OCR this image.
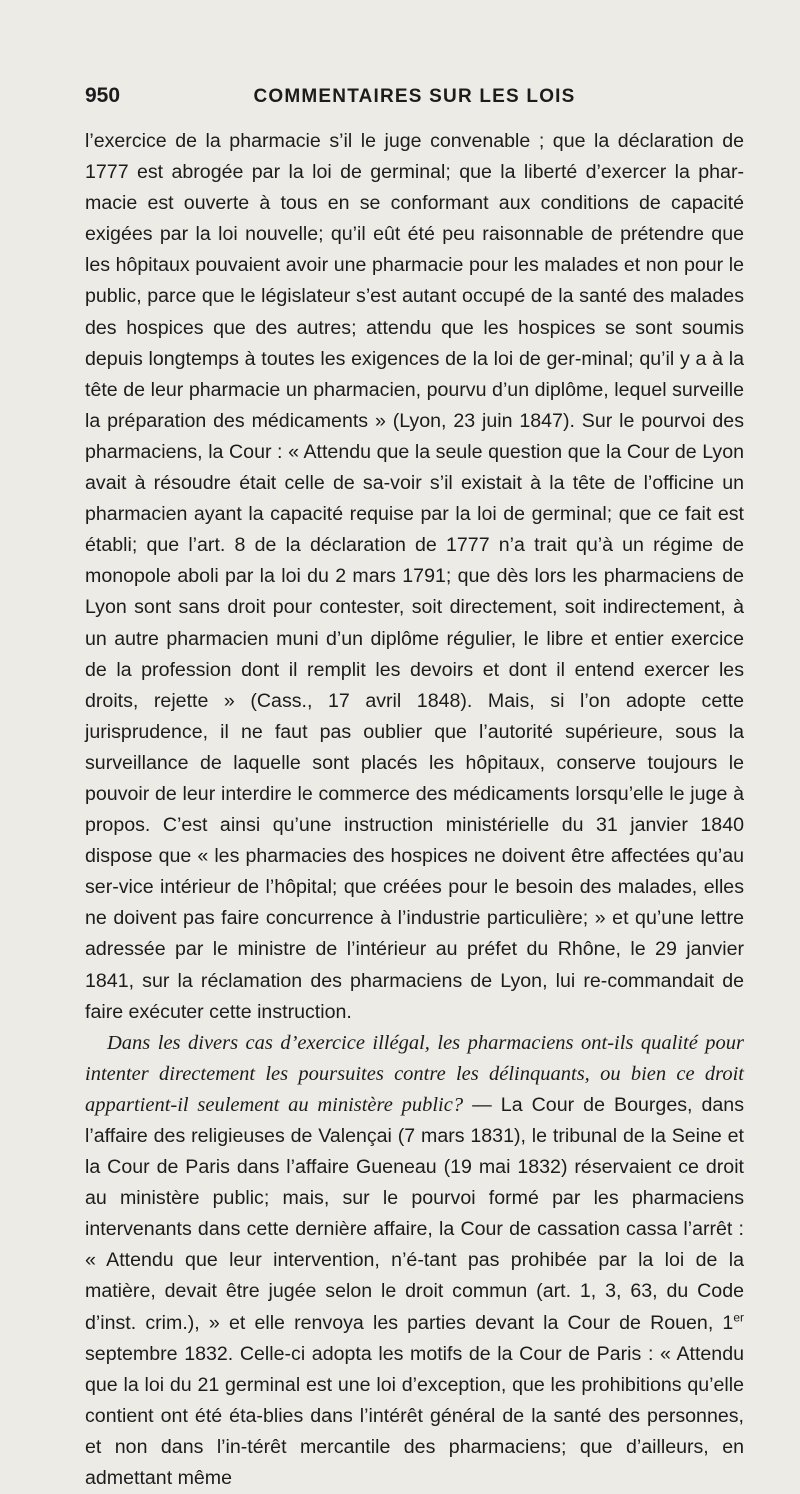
950	COMMENTAIRES SUR LES LOIS

l’exercice de la pharmacie s’il le juge convenable ; que la déclaration de 1777 est abrogée par la loi de germinal; que la liberté d’exercer la phar-macie est ouverte à tous en se conformant aux conditions de capacité exigées par la loi nouvelle; qu’il eût été peu raisonnable de prétendre que les hôpitaux pouvaient avoir une pharmacie pour les malades et non pour le public, parce que le législateur s’est autant occupé de la santé des malades des hospices que des autres; attendu que les hospices se sont soumis depuis longtemps à toutes les exigences de la loi de ger-minal; qu’il y a à la tête de leur pharmacie un pharmacien, pourvu d’un diplôme, lequel surveille la préparation des médicaments » (Lyon, 23 juin 1847). Sur le pourvoi des pharmaciens, la Cour : « Attendu que la seule question que la Cour de Lyon avait à résoudre était celle de sa-voir s’il existait à la tête de l’officine un pharmacien ayant la capacité requise par la loi de germinal; que ce fait est établi; que l’art. 8 de la déclaration de 1777 n’a trait qu’à un régime de monopole aboli par la loi du 2 mars 1791; que dès lors les pharmaciens de Lyon sont sans droit pour contester, soit directement, soit indirectement, à un autre pharmacien muni d’un diplôme régulier, le libre et entier exercice de la profession dont il remplit les devoirs et dont il entend exercer les droits, rejette » (Cass., 17 avril 1848). Mais, si l’on adopte cette jurisprudence, il ne faut pas oublier que l’autorité supérieure, sous la surveillance de laquelle sont placés les hôpitaux, conserve toujours le pouvoir de leur interdire le commerce des médicaments lorsqu’elle le juge à propos. C’est ainsi qu’une instruction ministérielle du 31 janvier 1840 dispose que « les pharmacies des hospices ne doivent être affectées qu’au ser-vice intérieur de l’hôpital; que créées pour le besoin des malades, elles ne doivent pas faire concurrence à l’industrie particulière; » et qu’une lettre adressée par le ministre de l’intérieur au préfet du Rhône, le 29 janvier 1841, sur la réclamation des pharmaciens de Lyon, lui re-commandait de faire exécuter cette instruction.

Dans les divers cas d’exercice illégal, les pharmaciens ont-ils qualité pour intenter directement les poursuites contre les délinquants, ou bien ce droit appartient-il seulement au ministère public? — La Cour de Bourges, dans l’affaire des religieuses de Valençai (7 mars 1831), le tribunal de la Seine et la Cour de Paris dans l’affaire Gueneau (19 mai 1832) réservaient ce droit au ministère public; mais, sur le pourvoi formé par les pharmaciens intervenants dans cette dernière affaire, la Cour de cassation cassa l’arrêt : « Attendu que leur intervention, n’é-tant pas prohibée par la loi de la matière, devait être jugée selon le droit commun (art. 1, 3, 63, du Code d’inst. crim.), » et elle renvoya les parties devant la Cour de Rouen, 1er septembre 1832. Celle-ci adopta les motifs de la Cour de Paris : « Attendu que la loi du 21 germinal est une loi d’exception, que les prohibitions qu’elle contient ont été éta-blies dans l’intérêt général de la santé des personnes, et non dans l’in-térêt mercantile des pharmaciens; que d’ailleurs, en admettant même
